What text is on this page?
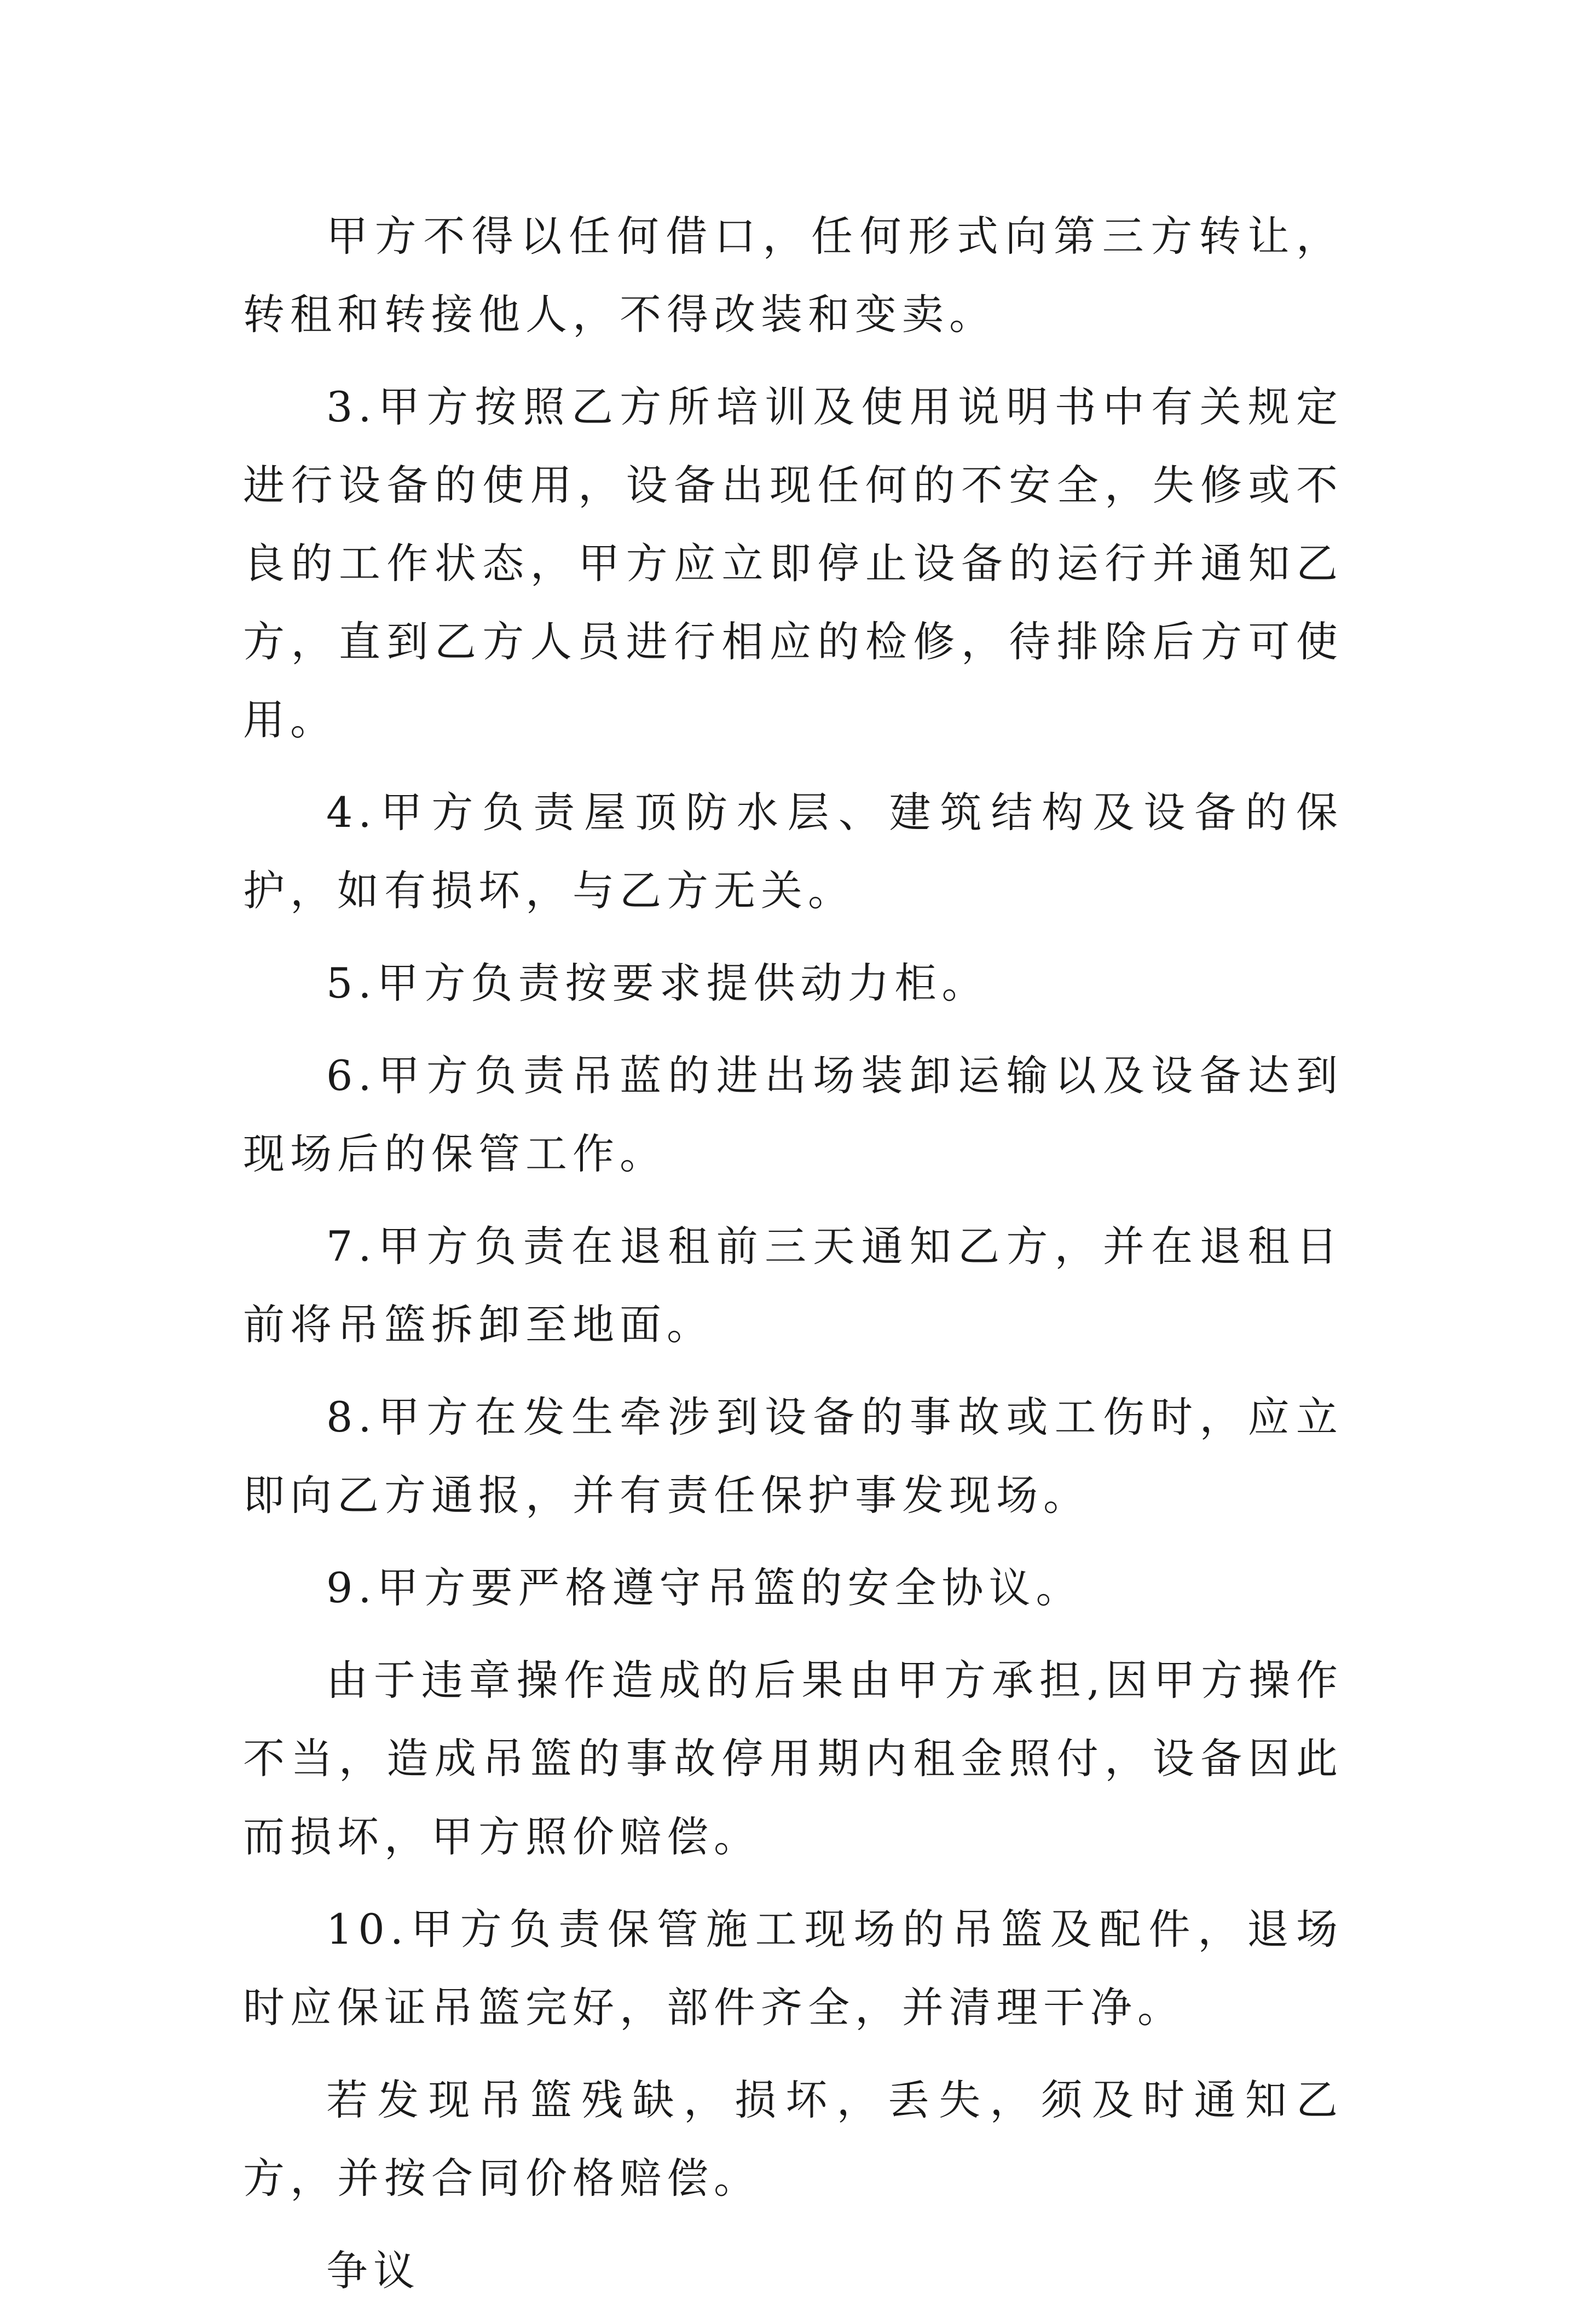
甲方不得以任何借口，任何形式向第三方转让，转租和转接他人，不得改装和变卖。

3.甲方按照乙方所培训及使用说明书中有关规定进行设备的使用，设备出现任何的不安全，失修或不良的工作状态，甲方应立即停止设备的运行并通知乙方，直到乙方人员进行相应的检修，待排除后方可使用。

4.甲方负责屋顶防水层、建筑结构及设备的保护，如有损坏，与乙方无关。

5.甲方负责按要求提供动力柜。

6.甲方负责吊蓝的进出场装卸运输以及设备达到现场后的保管工作。

7.甲方负责在退租前三天通知乙方，并在退租日前将吊篮拆卸至地面。

8.甲方在发生牵涉到设备的事故或工伤时，应立即向乙方通报，并有责任保护事发现场。

9.甲方要严格遵守吊篮的安全协议。

由于违章操作造成的后果由甲方承担,因甲方操作不当，造成吊篮的事故停用期内租金照付，设备因此而损坏，甲方照价赔偿。

10.甲方负责保管施工现场的吊篮及配件，退场时应保证吊篮完好，部件齐全，并清理干净。

若发现吊篮残缺，损坏，丢失，须及时通知乙方，并按合同价格赔偿。

争议
